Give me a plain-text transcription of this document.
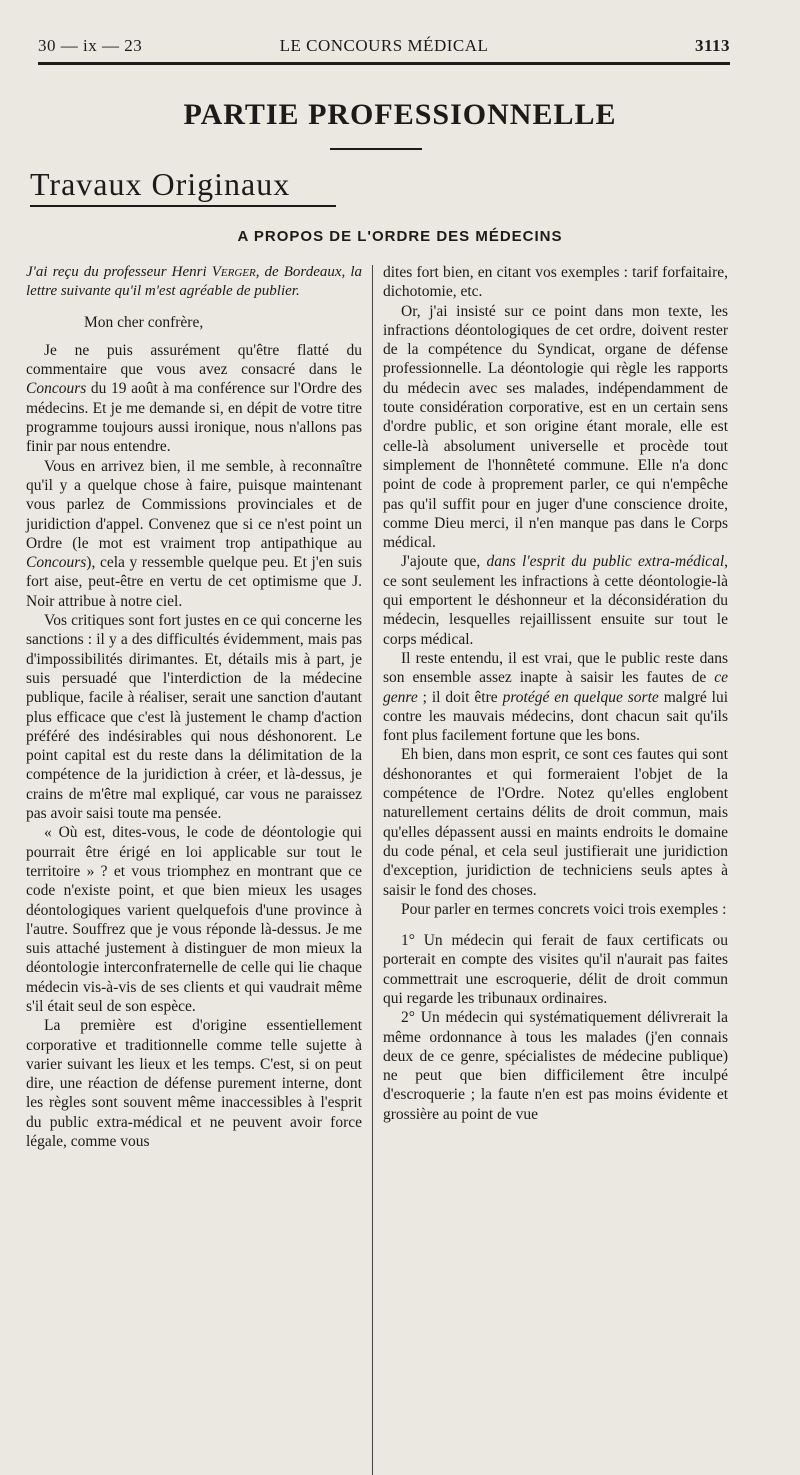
30 — ix — 23	LE CONCOURS MÉDICAL	3113
PARTIE PROFESSIONNELLE
Travaux Originaux
A PROPOS DE L'ORDRE DES MÉDECINS

J'ai reçu du professeur Henri Verger, de Bordeaux, la lettre suivante qu'il m'est agréable de publier.

Mon cher confrère,

Je ne puis assurément qu'être flatté du commentaire que vous avez consacré dans le Concours du 19 août à ma conférence sur l'Ordre des médecins. Et je me demande si, en dépit de votre titre programme toujours aussi ironique, nous n'allons pas finir par nous entendre.

Vous en arrivez bien, il me semble, à reconnaître qu'il y a quelque chose à faire, puisque maintenant vous parlez de Commissions provinciales et de juridiction d'appel. Convenez que si ce n'est point un Ordre (le mot est vraiment trop antipathique au Concours), cela y ressemble quelque peu. Et j'en suis fort aise, peut-être en vertu de cet optimisme que J. Noir attribue à notre ciel.

Vos critiques sont fort justes en ce qui concerne les sanctions : il y a des difficultés évidemment, mais pas d'impossibilités dirimantes. Et, détails mis à part, je suis persuadé que l'interdiction de la médecine publique, facile à réaliser, serait une sanction d'autant plus efficace que c'est là justement le champ d'action préféré des indésirables qui nous déshonorent. Le point capital est du reste dans la délimitation de la compétence de la juridiction à créer, et là-dessus, je crains de m'être mal expliqué, car vous ne paraissez pas avoir saisi toute ma pensée.

« Où est, dites-vous, le code de déontologie qui pourrait être érigé en loi applicable sur tout le territoire » ? et vous triomphez en montrant que ce code n'existe point, et que bien mieux les usages déontologiques varient quelquefois d'une province à l'autre. Souffrez que je vous réponde là-dessus. Je me suis attaché justement à distinguer de mon mieux la déontologie interconfraternelle de celle qui lie chaque médecin vis-à-vis de ses clients et qui vaudrait même s'il était seul de son espèce.

La première est d'origine essentiellement corporative et traditionnelle comme telle sujette à varier suivant les lieux et les temps. C'est, si on peut dire, une réaction de défense purement interne, dont les règles sont souvent même inaccessibles à l'esprit du public extra-médical et ne peuvent avoir force légale, comme vous

dites fort bien, en citant vos exemples : tarif forfaitaire, dichotomie, etc.

Or, j'ai insisté sur ce point dans mon texte, les infractions déontologiques de cet ordre, doivent rester de la compétence du Syndicat, organe de défense professionnelle. La déontologie qui règle les rapports du médecin avec ses malades, indépendamment de toute considération corporative, est en un certain sens d'ordre public, et son origine étant morale, elle est celle-là absolument universelle et procède tout simplement de l'honnêteté commune. Elle n'a donc point de code à proprement parler, ce qui n'empêche pas qu'il suffit pour en juger d'une conscience droite, comme Dieu merci, il n'en manque pas dans le Corps médical.

J'ajoute que, dans l'esprit du public extra-médical, ce sont seulement les infractions à cette déontologie-là qui emportent le déshonneur et la déconsidération du médecin, lesquelles rejaillissent ensuite sur tout le corps médical.

Il reste entendu, il est vrai, que le public reste dans son ensemble assez inapte à saisir les fautes de ce genre ; il doit être protégé en quelque sorte malgré lui contre les mauvais médecins, dont chacun sait qu'ils font plus facilement fortune que les bons.

Eh bien, dans mon esprit, ce sont ces fautes qui sont déshonorantes et qui formeraient l'objet de la compétence de l'Ordre. Notez qu'elles englobent naturellement certains délits de droit commun, mais qu'elles dépassent aussi en maints endroits le domaine du code pénal, et cela seul justifierait une juridiction d'exception, juridiction de techniciens seuls aptes à saisir le fond des choses.

Pour parler en termes concrets voici trois exemples :

1° Un médecin qui ferait de faux certificats ou porterait en compte des visites qu'il n'aurait pas faites commettrait une escroquerie, délit de droit commun qui regarde les tribunaux ordinaires.

2° Un médecin qui systématiquement délivrerait la même ordonnance à tous les malades (j'en connais deux de ce genre, spécialistes de médecine publique) ne peut que bien difficilement être inculpé d'escroquerie ; la faute n'en est pas moins évidente et grossière au point de vue
